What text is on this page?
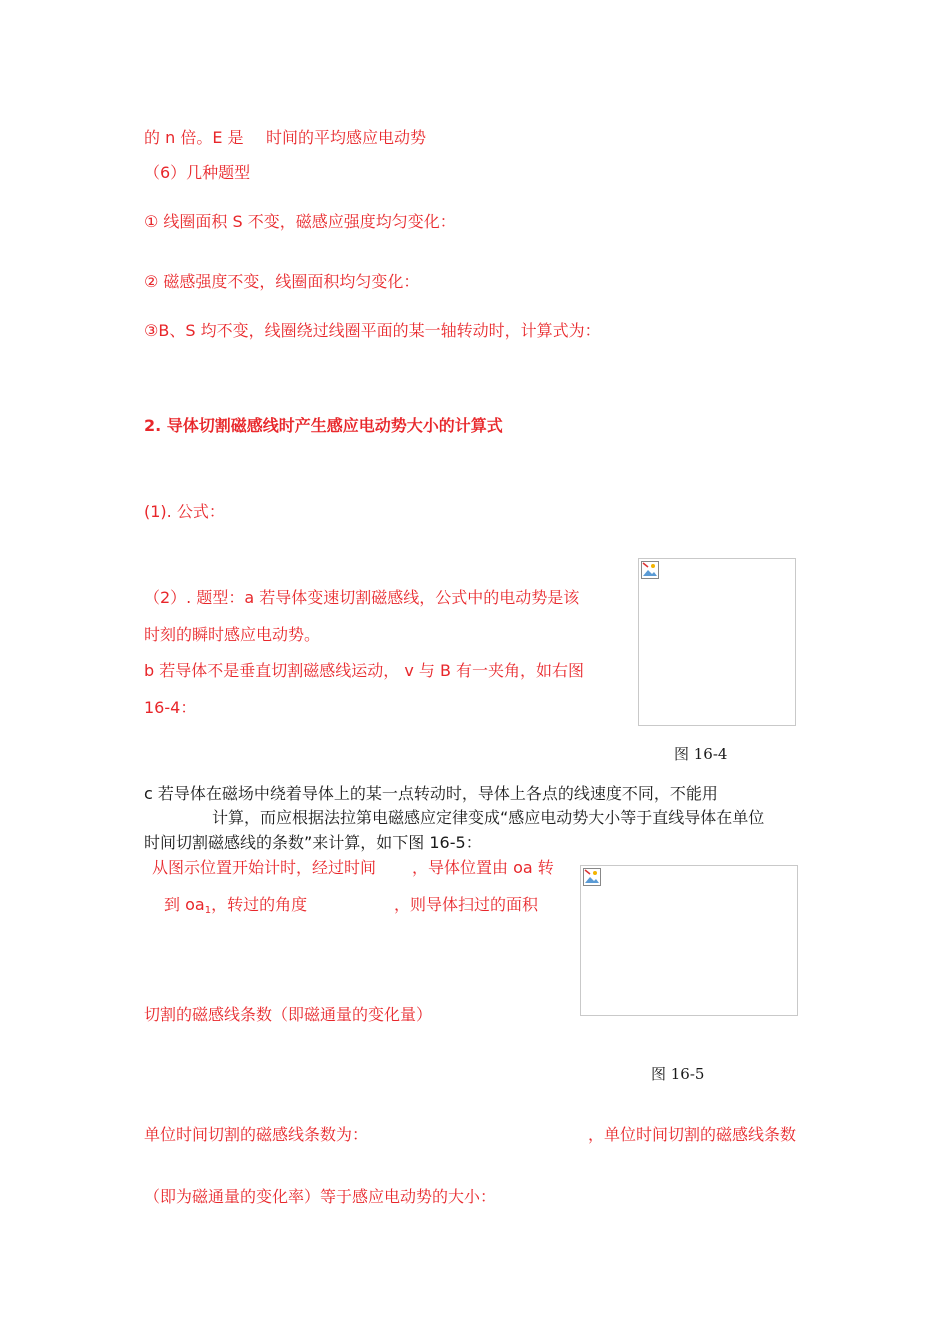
的 n 倍。E 是 时间的平均感应电动势
（6）几种题型
① 线圈面积 S 不变，磁感应强度均匀变化：
② 磁感强度不变，线圈面积均匀变化：
③B、S 均不变，线圈绕过线圈平面的某一轴转动时，计算式为：
2. 导体切割磁感线时产生感应电动势大小的计算式
(1). 公式：
（2）. 题型：a 若导体变速切割磁感线，公式中的电动势是该
时刻的瞬时感应电动势。
b 若导体不是垂直切割磁感线运动， v 与 B 有一夹角，如右图
16-4：
图 16-4
c 若导体在磁场中绕着导体上的某一点转动时，导体上各点的线速度不同，不能用
计算，而应根据法拉第电磁感应定律变成“感应电动势大小等于直线导体在单位
时间切割磁感线的条数”来计算，如下图 16-5：
从图示位置开始计时，经过时间 ，导体位置由 oa 转
到 $oa_1$，转过的角度	，则导体扫过的面积
切割的磁感线条数（即磁通量的变化量）
图 16-5
单位时间切割的磁感线条数为：	，单位时间切割的磁感线条数
（即为磁通量的变化率）等于感应电动势的大小：
